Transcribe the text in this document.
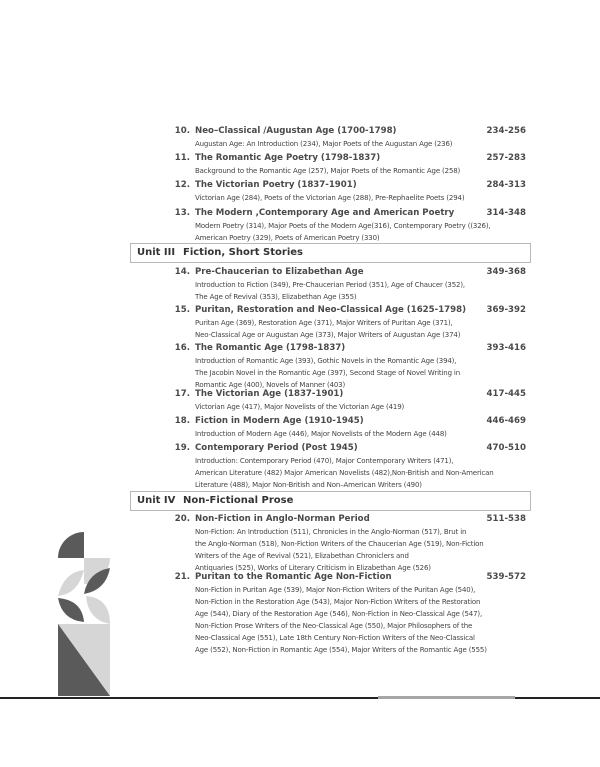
10. Neo–Classical /Augustan Age (1700-1798)	234-256
Augustan Age: An Introduction (234), Major Poets of the Augustan Age (236)
11. The Romantic Age Poetry (1798-1837)	257-283
Background to the Romantic Age (257), Major Poets of the Romantic Age (258)
12. The Victorian Poetry (1837-1901)	284-313
Victorian Age (284), Poets of the Victorian Age (288), Pre-Rephaelite Poets (294)
13. The Modern ,Contemporary Age and American Poetry	314-348
Modern Poetry (314), Major Poets of the Modern Age(316), Contemporary Poetry ((326),
American Poetry (329), Poets of American Poetry (330)
14. Pre-Chaucerian to Elizabethan Age	349-368
Introduction to Fiction (349), Pre-Chaucerian Period (351), Age of Chaucer (352),
The Age of Revival (353), Elizabethan Age (355)
15. Puritan, Restoration and Neo-Classical Age (1625-1798) 369-392
Puritan Age (369), Restoration Age (371), Major Writers of Puritan Age (371),
Neo-Classical Age or Augustan Age (373), Major Writers of Augustan Age (374)
16. The Romantic Age (1798-1837)	393-416
Introduction of Romantic Age (393), Gothic Novels in the Romantic Age (394),
The Jacobin Novel in the Romantic Age (397), Second Stage of Novel Writing in
Romantic Age (400), Novels of Manner (403)
17. The Victorian Age (1837-1901)	417-445
Victorian Age (417), Major Novelists of the Victorian Age (419)
18. Fiction in Modern Age (1910-1945)	446-469
Introduction of Modern Age (446), Major Novelists of the Modern Age (448)
19. Contemporary Period (Post 1945)	470-510
Introduction: Contemporary Period (470), Major Contemporary Writers (471),
American Literature (482) Major American Novelists (482),Non-British and Non-American
Literature (488), Major Non-British and Non–American Writers (490)
20. Non-Fiction in Anglo-Norman Period	511-538
Non-Fiction: An Introduction (511), Chronicles in the Anglo-Norman (517), Brut in
the Anglo-Norman (518), Non-Fiction Writers of the Chaucerian Age (519), Non-Fiction
Writers of the Age of Revival (521), Elizabethan Chroniclers and
Antiquaries (525), Works of Literary Criticism in Elizabethan Age (526)
21. Puritan to the Romantic Age Non-Fiction	539-572
Non-Fiction in Puritan Age (539), Major Non-Fiction Writers of the Puritan Age (540),
Non-Fiction in the Restoration Age (543), Major Non-Fiction Writers of the Restoration
Age (544), Diary of the Restoration Age (546), Non-Fiction in Neo-Classical Age (547),
Non-Fiction Prose Writers of the Neo-Classical Age (550), Major Philosophers of the
Neo-Classical Age (551), Late 18th Century Non-Fiction Writers of the Neo-Classical
Age (552), Non-Fiction in Romantic Age (554), Major Writers of the Romantic Age (555)
Unit III Fiction, Short Stories
Unit IV Non-Fictional Prose
